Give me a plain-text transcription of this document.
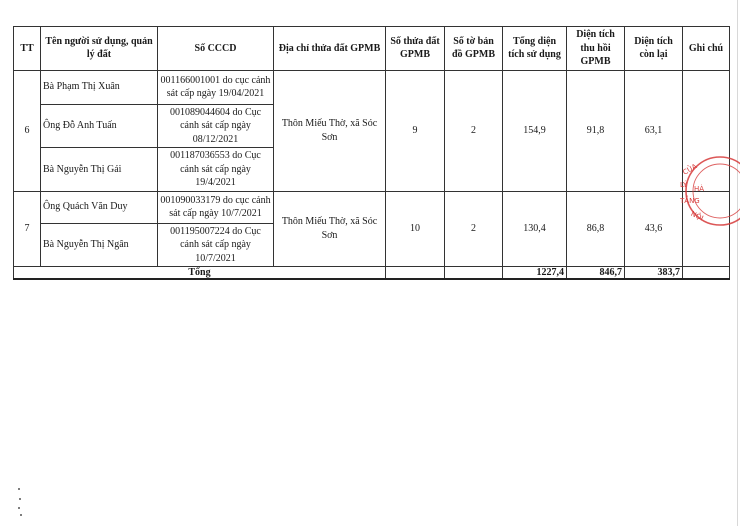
TT	Tên người sử dụng, quản lý đất	Số CCCD	Địa chỉ thửa đất GPMB	Số thửa đất GPMB	Số tờ bản đồ GPMB	Tổng diện tích sử dụng	Diện tích thu hồi GPMB	Diện tích còn lại	Ghi chú
6	Bà Phạm Thị Xuân	001166001001 do cục cảnh sát cấp ngày 19/04/2021	Thôn Miếu Thờ, xã Sóc Sơn	9	2	154,9	91,8	63,1	
	Ông Đỗ Anh Tuấn	001089044604 do Cục cảnh sát cấp ngày 08/12/2021							
	Bà Nguyễn Thị Gái	001187036553 do Cục cảnh sát cấp ngày 19/4/2021							
7	Ông Quách Văn Duy	001090033179 do cục cảnh sát cấp ngày 10/7/2021	Thôn Miếu Thờ, xã Sóc Sơn	10	2	130,4	86,8	43,6	
	Bà Nguyễn Thị Ngân	001195007224 do Cục cảnh sát cấp ngày 10/7/2021							
Tổng						1227,4	846,7	383,7	
CỦA
LÝ HÀ
TẦNG
NỘI
